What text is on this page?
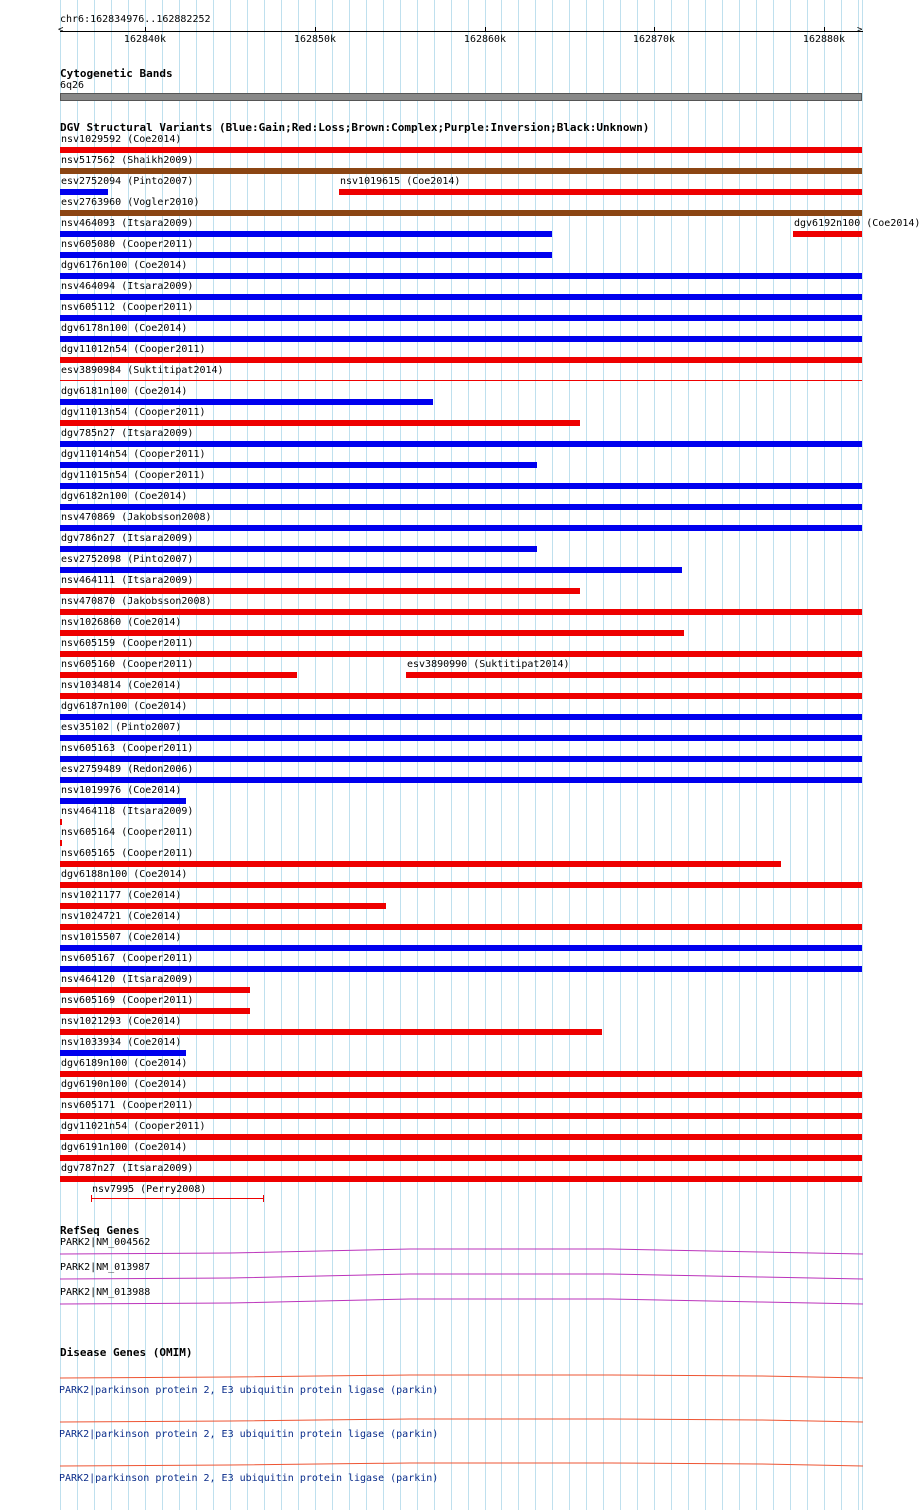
chr6:162834976..162882252
<	>
162840k	162850k	162860k	162870k	162880k
Cytogenetic Bands
6q26
DGV Structural Variants (Blue:Gain;Red:Loss;Brown:Complex;Purple:Inversion;Black:Unknown)
nsv1029592 (Coe2014)
nsv517562 (Shaikh2009)
esv2752094 (Pinto2007)	nsv1019615 (Coe2014)
esv2763960 (Vogler2010)
nsv464093 (Itsara2009)	dgv6192n100 (Coe2014)
nsv605080 (Cooper2011)
dgv6176n100 (Coe2014)
nsv464094 (Itsara2009)
nsv605112 (Cooper2011)
dgv6178n100 (Coe2014)
dgv11012n54 (Cooper2011)
esv3890984 (Suktitipat2014)
dgv6181n100 (Coe2014)
dgv11013n54 (Cooper2011)
dgv785n27 (Itsara2009)
dgv11014n54 (Cooper2011)
dgv11015n54 (Cooper2011)
dgv6182n100 (Coe2014)
nsv470869 (Jakobsson2008)
dgv786n27 (Itsara2009)
esv2752098 (Pinto2007)
nsv464111 (Itsara2009)
nsv470870 (Jakobsson2008)
nsv1026860 (Coe2014)
nsv605159 (Cooper2011)
nsv605160 (Cooper2011)	esv3890990 (Suktitipat2014)
nsv1034814 (Coe2014)
dgv6187n100 (Coe2014)
esv35102 (Pinto2007)
nsv605163 (Cooper2011)
esv2759489 (Redon2006)
nsv1019976 (Coe2014)
nsv464118 (Itsara2009)
nsv605164 (Cooper2011)
nsv605165 (Cooper2011)
dgv6188n100 (Coe2014)
nsv1021177 (Coe2014)
nsv1024721 (Coe2014)
nsv1015507 (Coe2014)
nsv605167 (Cooper2011)
nsv464120 (Itsara2009)
nsv605169 (Cooper2011)
nsv1021293 (Coe2014)
nsv1033934 (Coe2014)
dgv6189n100 (Coe2014)
dgv6190n100 (Coe2014)
nsv605171 (Cooper2011)
dgv11021n54 (Cooper2011)
dgv6191n100 (Coe2014)
dgv787n27 (Itsara2009)
nsv7995 (Perry2008)
RefSeq Genes
PARK2|NM_004562
PARK2|NM_013987
PARK2|NM_013988
Disease Genes (OMIM)
PARK2|parkinson protein 2, E3 ubiquitin protein ligase (parkin)
PARK2|parkinson protein 2, E3 ubiquitin protein ligase (parkin)
PARK2|parkinson protein 2, E3 ubiquitin protein ligase (parkin)
